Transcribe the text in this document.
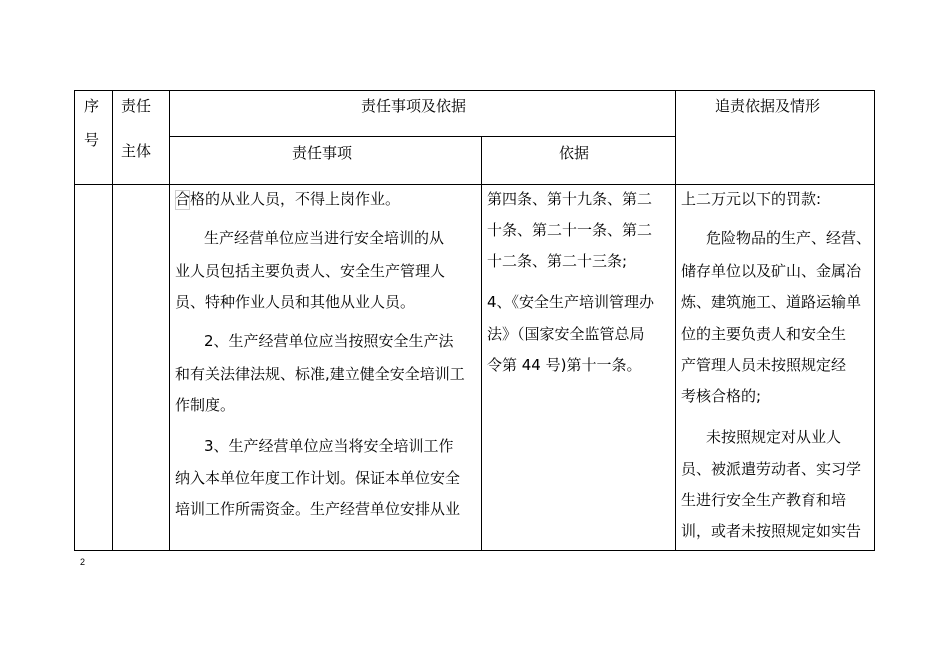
序
号
责任
主体
责任事项及依据	追责依据及情形
责任事项	依据

合格的从业人员，不得上岗作业。

生产经营单位应当进行安全培训的从

业人员包括主要负责人、安全生产管理人

员、特种作业人员和其他从业人员。

2、生产经营单位应当按照安全生产法

和有关法律法规、标准,建立健全安全培训工

作制度。

3、生产经营单位应当将安全培训工作

纳入本单位年度工作计划。保证本单位安全

培训工作所需资金。生产经营单位安排从业

第四条、第十九条、第二

十条、第二十一条、第二

十二条、第二十三条;

4、《安全生产培训管理办

法》（国家安全监管总局

令第 44 号)第十一条。

上二万元以下的罚款:

危险物品的生产、经营、

储存单位以及矿山、金属冶

炼、建筑施工、道路运输单

位的主要负责人和安全生

产管理人员未按照规定经

考核合格的;

未按照规定对从业人

员、被派遣劳动者、实习学

生进行安全生产教育和培

训，或者未按照规定如实告

2
